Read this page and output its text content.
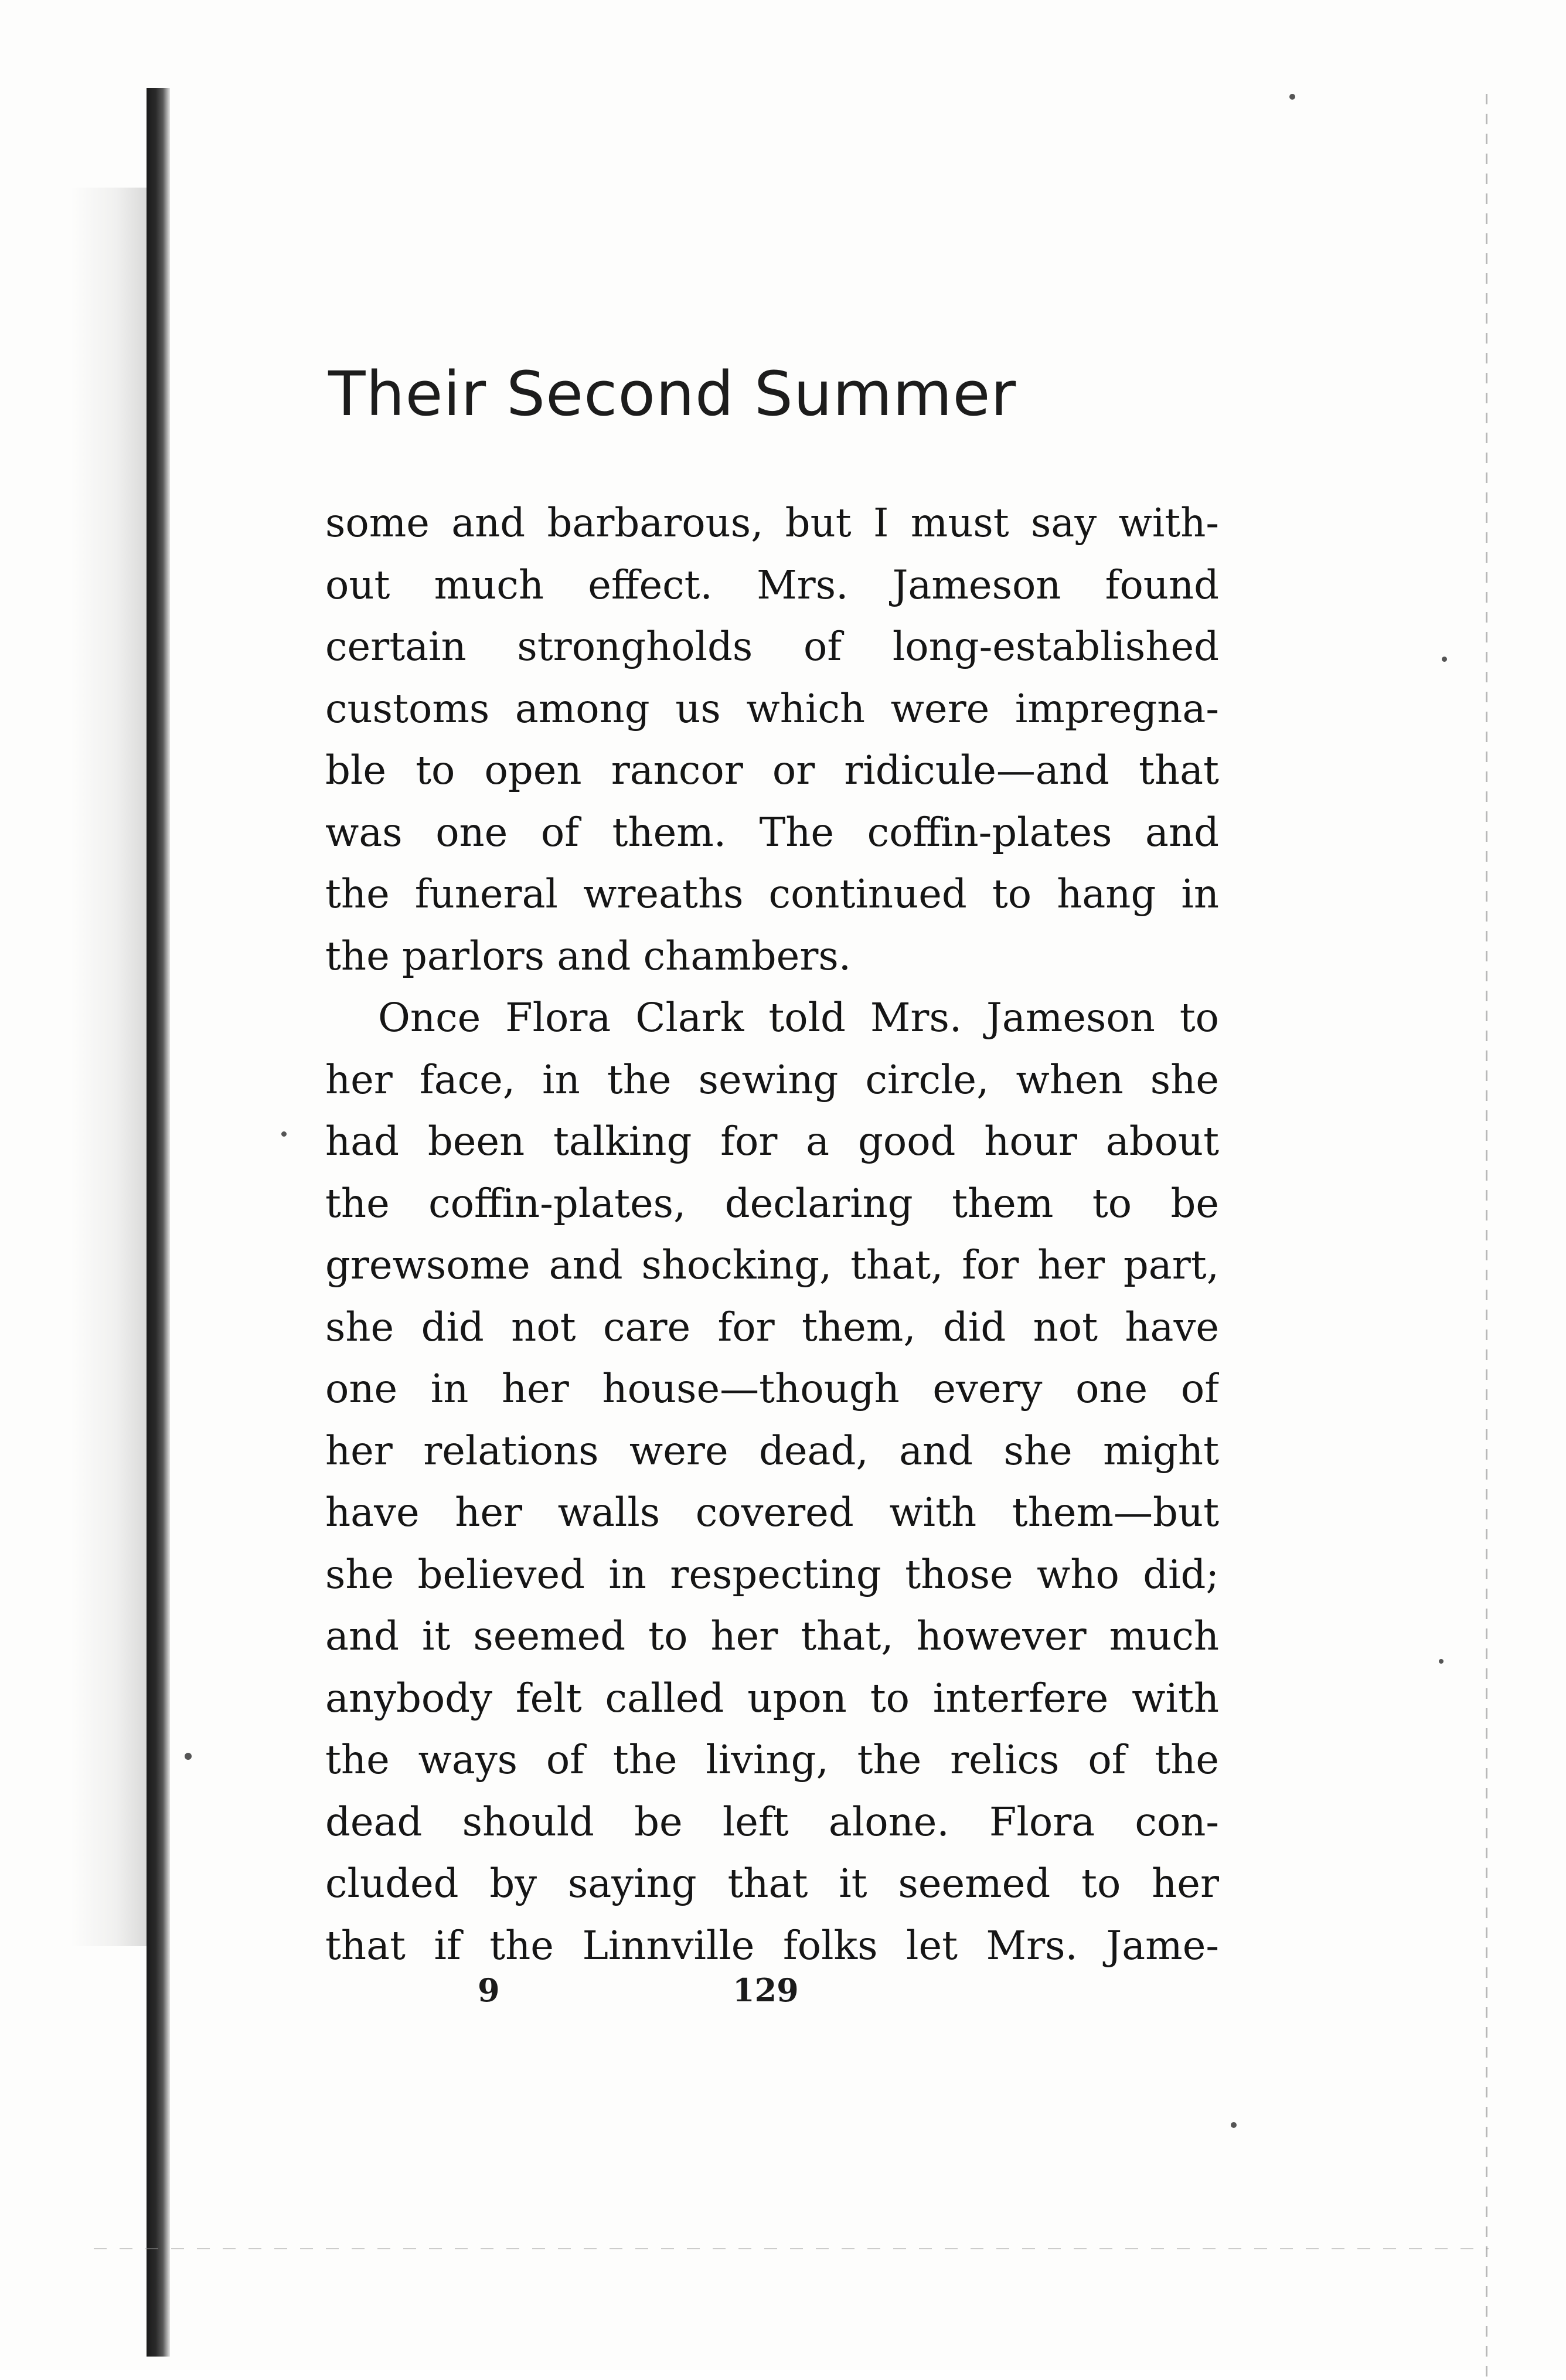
Their Second Summer
some and barbarous, but I must say with-
out much effect. Mrs. Jameson found
certain strongholds of long-established
customs among us which were impregna-
ble to open rancor or ridicule—and that
was one of them. The coffin-plates and
the funeral wreaths continued to hang in
the parlors and chambers.
Once Flora Clark told Mrs. Jameson to
her face, in the sewing circle, when she
had been talking for a good hour about
the coffin-plates, declaring them to be
grewsome and shocking, that, for her part,
she did not care for them, did not have
one in her house—though every one of
her relations were dead, and she might
have her walls covered with them—but
she believed in respecting those who did;
and it seemed to her that, however much
anybody felt called upon to interfere with
the ways of the living, the relics of the
dead should be left alone. Flora con-
cluded by saying that it seemed to her
that if the Linnville folks let Mrs. Jame-
9	129
